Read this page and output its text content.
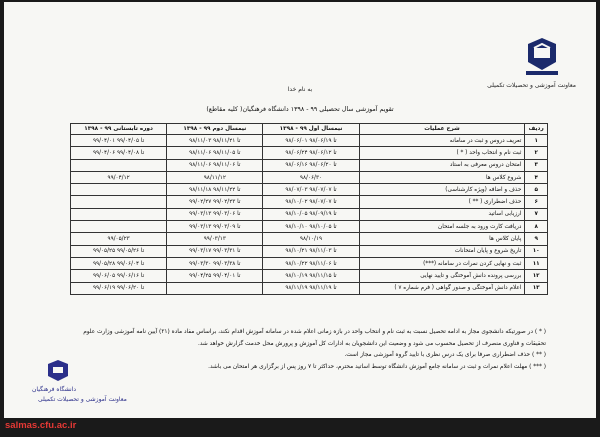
معاونت آموزشی و تحصیلات تکمیلی
به نام خدا
تقویم آموزشی سال تحصیلی ۹۹ - ۱۳۹۸ دانشگاه فرهنگیان( کلیه مقاطع)
ردیف	شرح عملیات	نیمسال اول ۹۹ - ۱۳۹۸	نیمسال دوم ۹۹ - ۱۳۹۸	دوره تابستانی ۹۹ - ۱۳۹۸
۱	تعریف دروس و ثبت در سامانه	۹۸/۰۶/۰۱ تا ۹۸/۰۶/۱۹	۹۸/۱۱/۰۳ تا ۹۸/۱۱/۲۱	۹۹/۰۴/۰۱ تا ۹۹/۰۴/۰۵
۲	ثبت نام و انتخاب واحد ( * )	۹۸/۰۶/۲۴ تا ۹۸/۰۶/۱۲	۹۸/۱۱/۰۶ تا ۹۸/۱۱/۰۵	۹۹/۰۴/۰۶ تا ۹۹/۰۴/۰۸
۳	امتحان دروس معرفی به استاد	۹۸/۰۶/۱۶ تا ۹۸/۰۶/۲۰	۹۸/۱۱/۰۶ تا ۹۸/۱۱/۰۶	
۴	شروع کلاس ها	۹۸/۰۶/۳۰	۹۸/۱۱/۱۲	۹۹/۰۴/۱۲
۵	حذف و اضافه (ویژه کارشناسی)	۹۸/۰۷/۰۳ تا ۹۸/۰۷/۰۷	۹۸/۱۱/۱۸ تا ۹۸/۱۱/۲۲	
۶	حذف اضطراری ( ** )	۹۸/۱۰/۰۲ تا ۹۸/۰۷/۰۷	۹۹/۰۲/۲۷ تا ۹۹/۰۲/۲۳	
۷	ارزیابی اساتید	۹۸/۱۰/۰۵ تا ۹۸/۰۹/۱۹	۹۹/۰۳/۱۳ تا ۹۹/۰۳/۰۶	
۸	دریافت کارت ورود به جلسه امتحان	۹۸/۱۰/۱۰ تا ۹۸/۱۰/۰۵	۹۹/۰۳/۱۳ تا ۹۹/۰۳/۰۹	
۹	پایان کلاس ها	۹۸/۱۰/۱۹	۹۹/۰۳/۱۳	۹۹/۰۵/۲۳
۱۰	تاریخ شروع و پایان امتحانات	۹۸/۱۰/۲۱ تا ۹۸/۱۱/۰۳	۹۹/۰۳/۱۷ تا ۹۹/۰۳/۳۱	۹۹/۰۵/۲۵ تا ۹۹/۰۵/۲۶
۱۱	ثبت و نهایی کردن نمرات در سامانه (***)	۹۸/۱۰/۲۲ تا ۹۸/۱۱/۰۶	۹۹/۰۳/۳۰ تا ۹۹/۰۳/۳۸	۹۹/۰۵/۲۸ تا ۹۹/۰۶/۰۴
۱۲	بررسی پرونده دانش آموختگی و تایید نهایی	۹۸/۱۰/۱۹ تا ۹۸/۱۱/۱۵	۹۹/۰۴/۲۵ تا ۹۹/۰۴/۰۱	۹۹/۰۶/۰۵ تا ۹۹/۰۶/۱۶
۱۳	اعلام دانش آموختگی و صدور گواهی ( فرم شماره ۷ )	۹۸/۱۱/۱۹ تا ۹۸/۱۱/۱۹		۹۹/۰۶/۱۹ تا ۹۹/۰۶/۲۰

( * ) در صورتیکه دانشجوی مجاز به ادامه تحصیل نسبت به ثبت نام و انتخاب واحد در بازه زمانی اعلام شده در سامانه آموزش اقدام نکند، براساس مفاد ماده (۲۱) آیین نامه آموزشی وزارت علوم

تحقیقات و فناوری منصرف از تحصیل محسوب می شود و وضعیت این دانشجویان به ادارات کل آموزش و پرورش محل خدمت گزارش خواهد شد.

( ** ) حذف اضطراری صرفا برای یک درس نظری با تایید گروه آموزشی مجاز است.

( *** ) مهلت اعلام نمرات و ثبت در سامانه جامع آموزش دانشگاه توسط اساتید محترم، حداکثر تا ۷ روز پس از برگزاری هر امتحان می باشد.

دانشگاه فرهنگیان
معاونت آموزشی و تحصیلات تکمیلی
salmas.cfu.ac.ir
